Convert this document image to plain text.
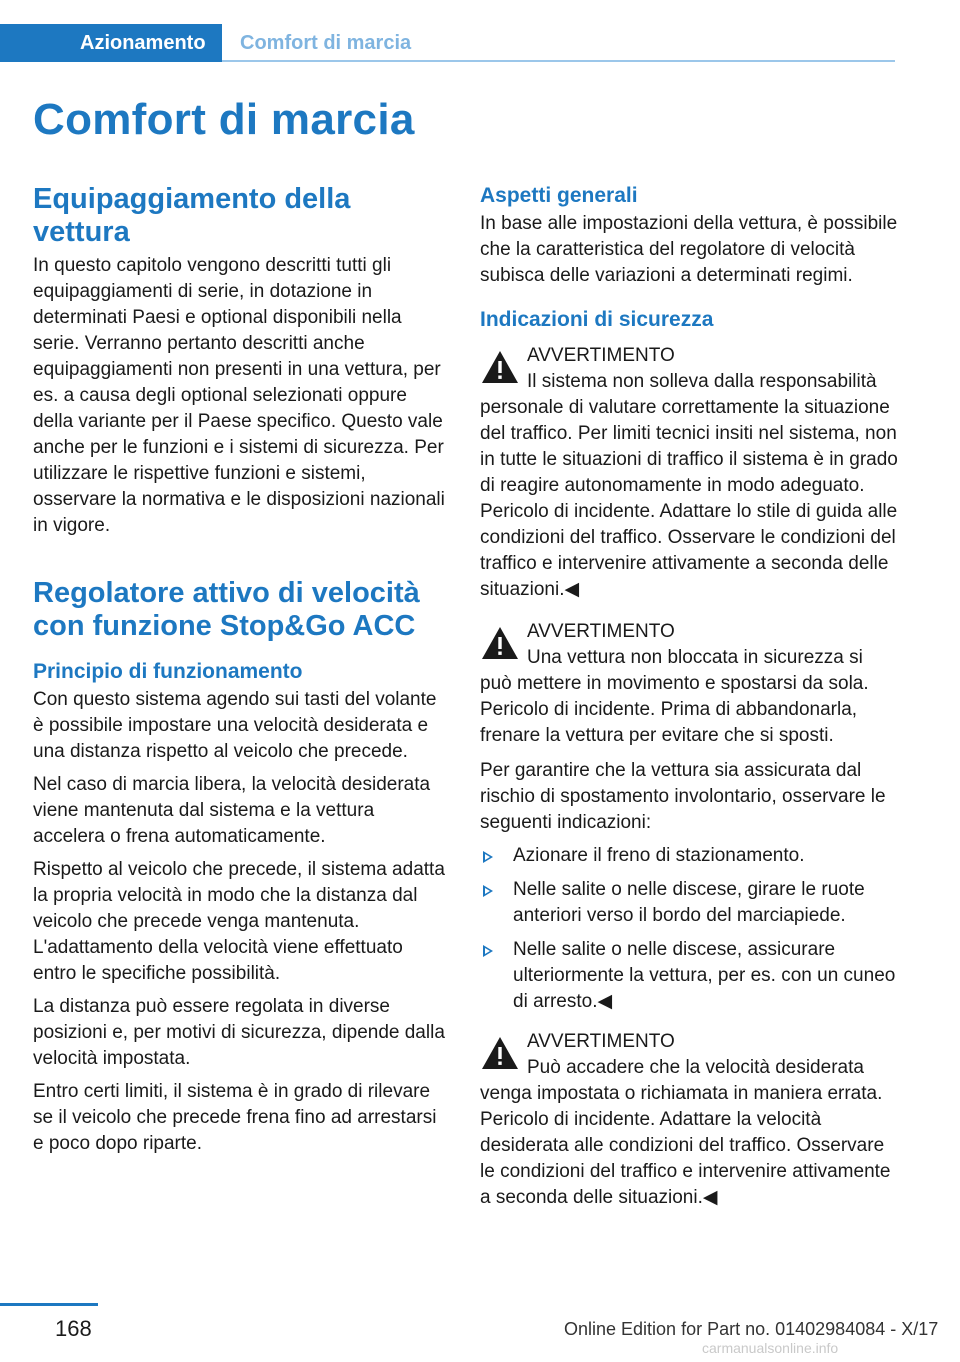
Azionamento	Comfort di marcia
Comfort di marcia
Equipaggiamento della vettura

In questo capitolo vengono descritti tutti gli equipaggiamenti di serie, in dotazione in determinati Paesi e optional disponibili nella serie. Verranno pertanto descritti anche equipaggiamenti non presenti in una vettura, per es. a causa degli optional selezionati oppure della variante per il Paese specifico. Questo vale anche per le funzioni e i sistemi di sicurezza. Per utilizzare le rispettive funzioni e sistemi, osservare la normativa e le disposizioni nazionali in vigore.

Regolatore attivo di velocità con funzione Stop&Go ACC
Principio di funzionamento

Con questo sistema agendo sui tasti del volante è possibile impostare una velocità desiderata e una distanza rispetto al veicolo che precede.

Nel caso di marcia libera, la velocità desiderata viene mantenuta dal sistema e la vettura accelera o frena automaticamente.

Rispetto al veicolo che precede, il sistema adatta la propria velocità in modo che la distanza dal veicolo che precede venga mantenuta. L'adattamento della velocità viene effettuato entro le specifiche possibilità.

La distanza può essere regolata in diverse posizioni e, per motivi di sicurezza, dipende dalla velocità impostata.

Entro certi limiti, il sistema è in grado di rilevare se il veicolo che precede frena fino ad arrestarsi e poco dopo riparte.

Aspetti generali

In base alle impostazioni della vettura, è possibile che la caratteristica del regolatore di velocità subisca delle variazioni a determinati regimi.

Indicazioni di sicurezza
AVVERTIMENTO
Il sistema non solleva dalla responsabilità
personale di valutare correttamente la situazione del traffico. Per limiti tecnici insiti nel sistema, non in tutte le situazioni di traffico il sistema è in grado di reagire autonomamente in modo adeguato. Pericolo di incidente. Adattare lo stile di guida alle condizioni del traffico. Osservare le condizioni del traffico e intervenire attivamente a seconda delle situazioni.◀
AVVERTIMENTO
Una vettura non bloccata in sicurezza si
può mettere in movimento e spostarsi da sola. Pericolo di incidente. Prima di abbandonarla, frenare la vettura per evitare che si sposti.

Per garantire che la vettura sia assicurata dal rischio di spostamento involontario, osservare le seguenti indicazioni:

Azionare il freno di stazionamento.
Nelle salite o nelle discese, girare le ruote anteriori verso il bordo del marciapiede.
Nelle salite o nelle discese, assicurare ulteriormente la vettura, per es. con un cuneo di arresto.◀
AVVERTIMENTO
Può accadere che la velocità desiderata
venga impostata o richiamata in maniera errata. Pericolo di incidente. Adattare la velocità desiderata alle condizioni del traffico. Osservare le condizioni del traffico e intervenire attivamente a seconda delle situazioni.◀
168	Online Edition for Part no. 01402984084 - X/17
carmanualsonline.info
